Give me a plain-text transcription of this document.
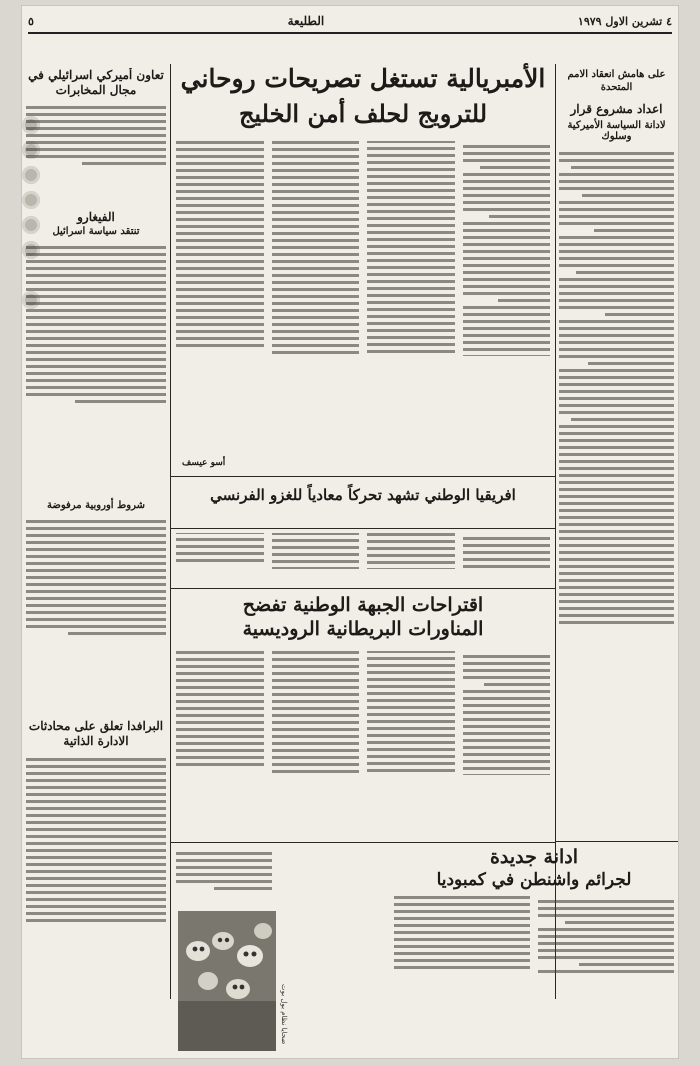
٤ تشرين الاول ١٩٧٩
الطليعة
٥
على هامش انعقاد الامم المتحدة
اعداد مشروع قرار
لادانة السياسة الأميركية وسلوك
ادانة جديدة
لجرائم واشنطن في كمبوديا
الأمبريالية تستغل تصريحات روحاني
للترويج لحلف أمن الخليج
أسو عيسف
افريقيا الوطني تشهد تحركاً معادياً للغزو الفرنسي
اقتراحات الجبهة الوطنية تفضح
المناورات البريطانية الروديسية
ضحايا نظام بول بوت
تعاون أميركي اسرائيلي في مجال المخابرات
الفيغارو
تنتقد سياسة اسرائيل
شروط أوروبية مرفوضة
البرافدا تعلق على محادثات الادارة الذاتية
